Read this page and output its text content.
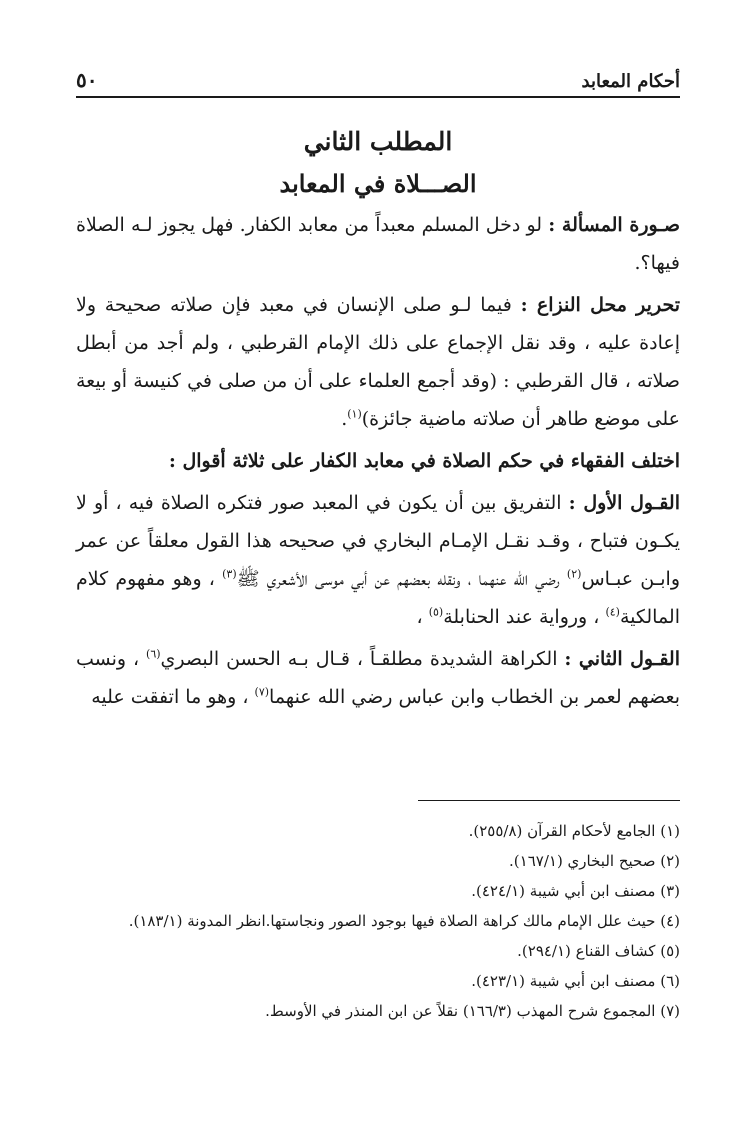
أحكام المعابد
٥٠

المطلب الثاني

الصـــلاة في المعابد

صـورة المسألة : لو دخل المسلم معبداً من معابد الكفار. فهل يجوز لـه الصلاة فيها؟.

تحرير محل النزاع : فيما لـو صلى الإنسان في معبد فإن صلاته صحيحة ولا إعادة عليه ، وقد نقل الإجماع على ذلك الإمام القرطبي ، ولم أجد من أبطل صلاته ، قال القرطبي : (وقد أجمع العلماء على أن من صلى في كنيسة أو بيعة على موضع طاهر أن صلاته ماضية جائزة)$^{(١)}$.

اختلف الفقهاء في حكم الصلاة في معابد الكفار على ثلاثة أقوال :

القـول الأول : التفريق بين أن يكون في المعبد صور فتكره الصلاة فيه ، أو لا يكـون فتباح ، وقـد نقـل الإمـام البخاري في صحيحه هذا القول معلقاً عن عمر وابـن عبـاس$^{(٢)}$ رضي الله عنهما ، ونقله بعضهم عن أبي موسى الأشعري ﷺ$^{(٣)}$ ، وهو مفهوم كلام المالكية$^{(٤)}$ ، ورواية عند الحنابلة$^{(٥)}$ ،

القـول الثاني : الكراهة الشديدة مطلقـاً ، قـال بـه الحسن البصري$^{(٦)}$ ، ونسب بعضهم لعمر بن الخطاب وابن عباس رضي الله عنهما$^{(٧)}$ ، وهو ما اتفقت عليه

(١) الجامع لأحكام القرآن (٢٥٥/٨).

(٢) صحيح البخاري (١٦٧/١).

(٣) مصنف ابن أبي شيبة (٤٢٤/١).

(٤) حيث علل الإمام مالك كراهة الصلاة فيها بوجود الصور ونجاستها.انظر المدونة (١٨٣/١).

(٥) كشاف القناع (٢٩٤/١).

(٦) مصنف ابن أبي شيبة (٤٢٣/١).

(٧) المجموع شرح المهذب (١٦٦/٣) نقلاً عن ابن المنذر في الأوسط.
